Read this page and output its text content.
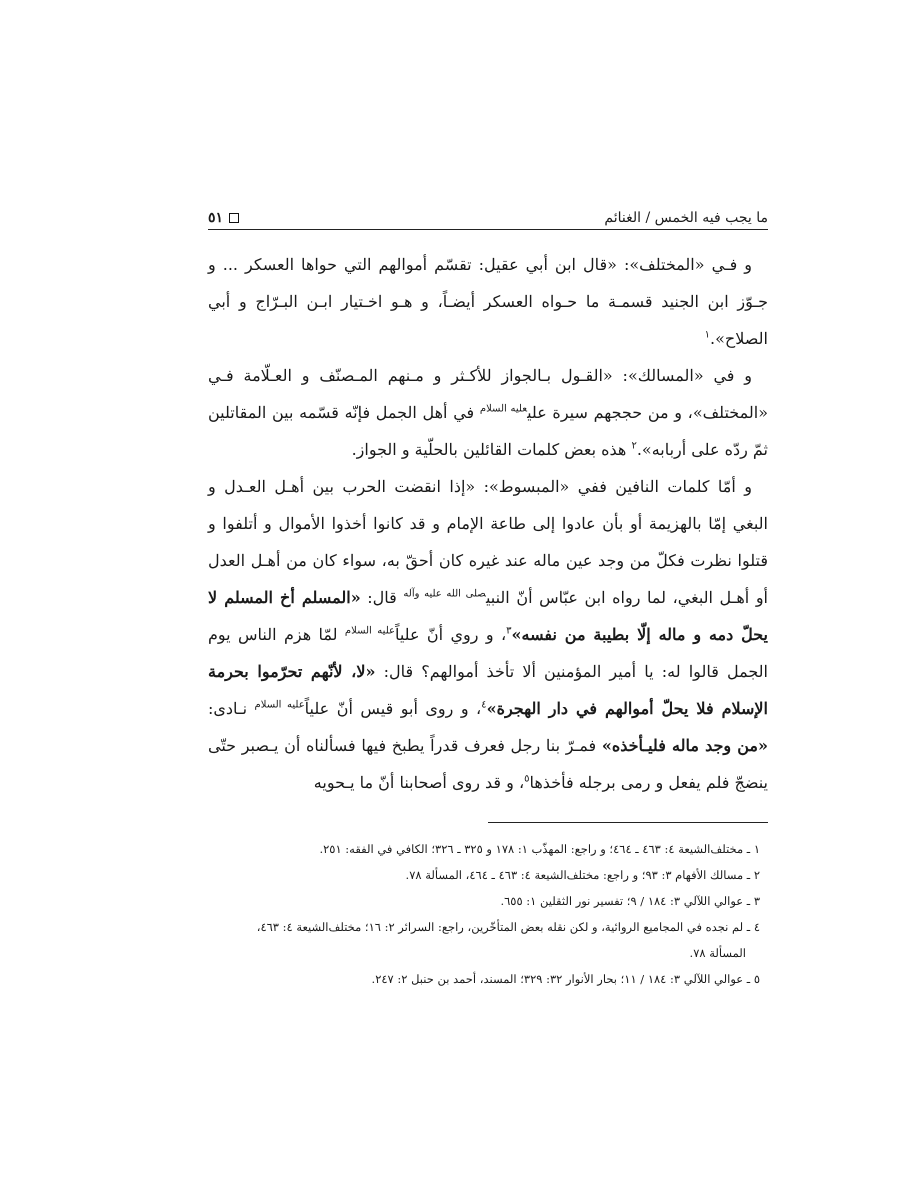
ما يجب فيه الخمس / الغنائم
٥١

و فـي «المختلف»: «قال ابن أبي عقيل: تقسّم أموالهم التي حواها العسكر ... و جـوّز ابن الجنيد قسمـة ما حـواه العسكر أيضـاً، و هـو اخـتيار ابـن البـرّاج و أبي الصلاح».$^١$

و في «المسالك»: «القـول بـالجواز للأكـثر و مـنهم المـصنّف و العـلّامة فـي «المختلف»، و من حججهم سيرة علي$^{عليه السلام}$ في أهل الجمل فإنّه قسّمه بين المقاتلين ثمّ ردّه على أربابه».$^٢$ هذه بعض كلمات القائلين بالحلّية و الجواز.

و أمّا كلمات النافين ففي «المبسوط»: «إذا انقضت الحرب بين أهـل العـدل و البغي إمّا بالهزيمة أو بأن عادوا إلى طاعة الإمام و قد كانوا أخذوا الأموال و أتلفوا و قتلوا نظرت فكلّ من وجد عين ماله عند غيره كان أحقّ به، سواء كان من أهـل العدل أو أهـل البغي، لما رواه ابن عبّاس أنّ النبي$^{صلى الله عليه وآله}$ قال: «المسلم أخ المسلم لا يحلّ دمه و ماله إلّا بطيبة من نفسه»$^٣$، و روي أنّ علياً$^{عليه السلام}$ لمّا هزم الناس يوم الجمل قالوا له: يا أمير المؤمنين ألا تأخذ أموالهم؟ قال: «لا، لأنّهم تحرّموا بحرمة الإسلام فلا يحلّ أموالهم في دار الهجرة»$^٤$، و روى أبو قيس أنّ علياً$^{عليه السلام}$ نـادى: «من وجد ماله فليـأخذه» فمـرّ بنا رجل فعرف قدراً يطبخ فيها فسألناه أن يـصبر حتّى ينضجّ فلم يفعل و رمى برجله فأخذها$^٥$، و قد روى أصحابنا أنّ ما يـحويه

١ ـ مختلف‌الشيعة ٤: ٤٦٣ ـ ٤٦٤؛ و راجع: المهذّب ١: ١٧٨ و ٣٢٥ ـ ٣٢٦؛ الكافي في الفقه: ٢٥١.
٢ ـ مسالك الأفهام ٣: ٩٣؛ و راجع: مختلف‌الشيعة ٤: ٤٦٣ ـ ٤٦٤، المسألة ٧٨.
٣ ـ عوالي اللآلي ٣: ١٨٤ / ٩؛ تفسير نور الثقلين ١: ٦٥٥.
٤ ـ لم نجده في المجاميع الروائية، و لكن نقله بعض المتأخّرين، راجع: السرائر ٢: ١٦؛ مختلف‌الشيعة ٤: ٤٦٣،
المسألة ٧٨.
٥ ـ عوالي اللآلي ٣: ١٨٤ / ١١؛ بحار الأنوار ٣٢: ٣٢٩؛ المسند، أحمد بن حنبل ٢: ٢٤٧.
